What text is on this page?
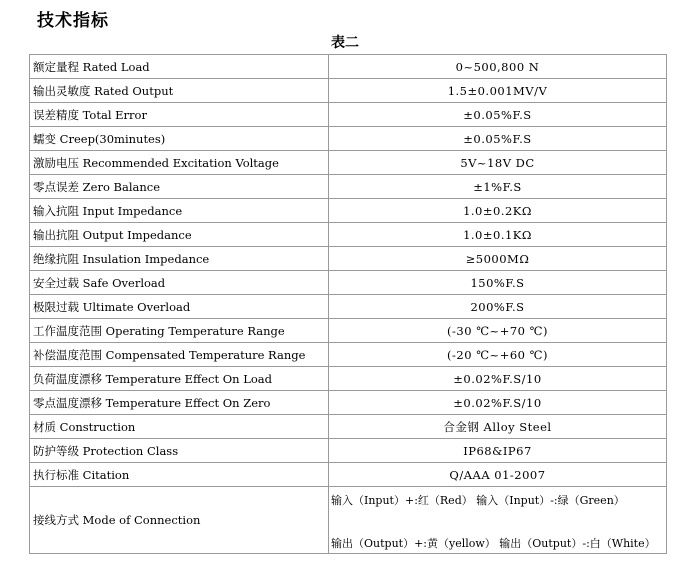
技术指标
表二
额定量程 Rated Load	0~500,800 N
输出灵敏度 Rated Output	1.5±0.001MV/V
误差精度 Total Error	±0.05%F.S
蠕变 Creep(30minutes)	±0.05%F.S
激励电压 Recommended Excitation Voltage	5V~18V DC
零点误差 Zero Balance	±1%F.S
输入抗阻 Input Impedance	1.0±0.2KΩ
输出抗阻 Output Impedance	1.0±0.1KΩ
绝缘抗阻 Insulation Impedance	≥5000MΩ
安全过载 Safe Overload	150%F.S
极限过载 Ultimate Overload	200%F.S
工作温度范围 Operating Temperature Range	(-30 ℃~+70 ℃)
补偿温度范围 Compensated Temperature Range	(-20 ℃~+60 ℃)
负荷温度漂移 Temperature Effect On Load	±0.02%F.S/10
零点温度漂移 Temperature Effect On Zero	±0.02%F.S/10
材质 Construction	合金钢 Alloy Steel
防护等级 Protection Class	IP68&IP67
执行标准 Citation	Q/AAA 01-2007
接线方式 Mode of Connection	输入（Input）+:红（Red） 输入（Input）-:绿（Green）
输出（Output）+:黄（yellow） 输出（Output）-:白（White）
